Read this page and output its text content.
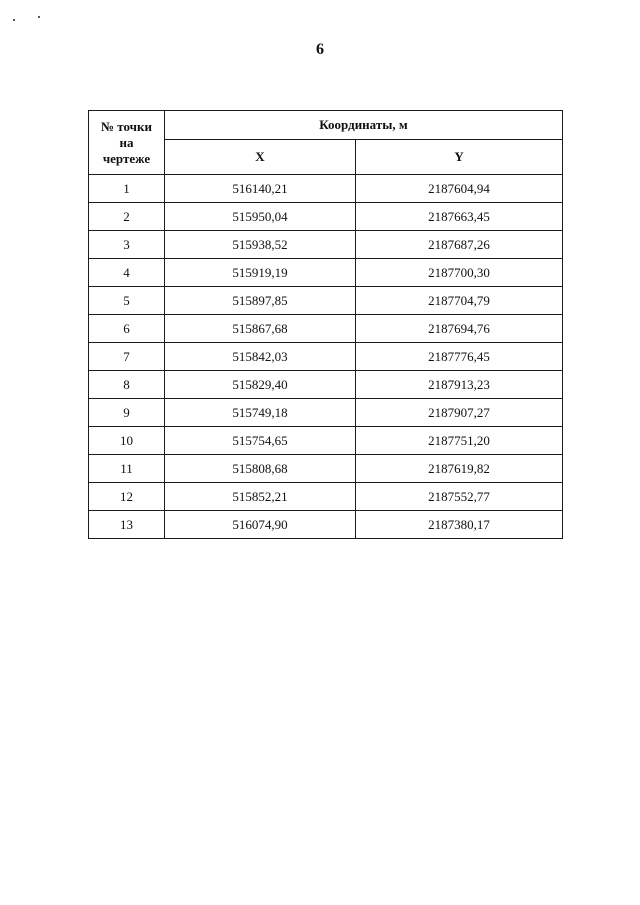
6
№ точки
на
чертеже	Координаты, м	
	X	Y
1	516140,21	2187604,94
2	515950,04	2187663,45
3	515938,52	2187687,26
4	515919,19	2187700,30
5	515897,85	2187704,79
6	515867,68	2187694,76
7	515842,03	2187776,45
8	515829,40	2187913,23
9	515749,18	2187907,27
10	515754,65	2187751,20
11	515808,68	2187619,82
12	515852,21	2187552,77
13	516074,90	2187380,17
